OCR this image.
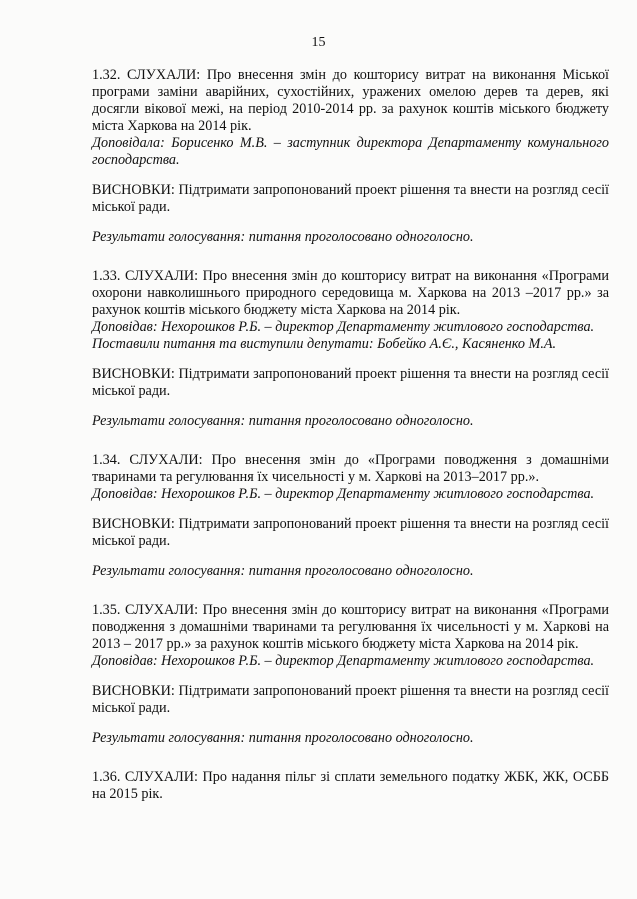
15

1.32. СЛУХАЛИ: Про внесення змін до кошторису витрат на виконання Міської програми заміни аварійних, сухостійних, уражених омелою дерев та дерев, які досягли вікової межі, на період 2010-2014 рр. за рахунок коштів міського бюджету міста Харкова на 2014 рік.

Доповідала: Борисенко М.В. – заступник директора Департаменту комунального господарства.

ВИСНОВКИ: Підтримати запропонований проект рішення та внести на розгляд сесії міської ради.

Результати голосування: питання проголосовано одноголосно.

1.33. СЛУХАЛИ: Про внесення змін до кошторису витрат на виконання «Програми охорони навколишнього природного середовища м. Харкова на 2013 –2017 рр.» за рахунок коштів міського бюджету міста Харкова на 2014 рік.

Доповідав: Нехорошков Р.Б. – директор Департаменту житлового господарства.

Поставили питання та виступили депутати: Бобейко А.Є., Касяненко М.А.

ВИСНОВКИ: Підтримати запропонований проект рішення та внести на розгляд сесії міської ради.

Результати голосування: питання проголосовано одноголосно.

1.34. СЛУХАЛИ: Про внесення змін до «Програми поводження з домашніми тваринами та регулювання їх чисельності у м. Харкові на 2013–2017 рр.».

Доповідав: Нехорошков Р.Б. – директор Департаменту житлового господарства.

ВИСНОВКИ: Підтримати запропонований проект рішення та внести на розгляд сесії міської ради.

Результати голосування: питання проголосовано одноголосно.

1.35. СЛУХАЛИ: Про внесення змін до кошторису витрат на виконання «Програми поводження з домашніми тваринами та регулювання їх чисельності у м. Харкові на 2013 – 2017 рр.» за рахунок коштів міського бюджету міста Харкова на 2014 рік.

Доповідав: Нехорошков Р.Б. – директор Департаменту житлового господарства.

ВИСНОВКИ: Підтримати запропонований проект рішення та внести на розгляд сесії міської ради.

Результати голосування: питання проголосовано одноголосно.

1.36. СЛУХАЛИ: Про надання пільг зі сплати земельного податку ЖБК, ЖК, ОСББ на 2015 рік.
